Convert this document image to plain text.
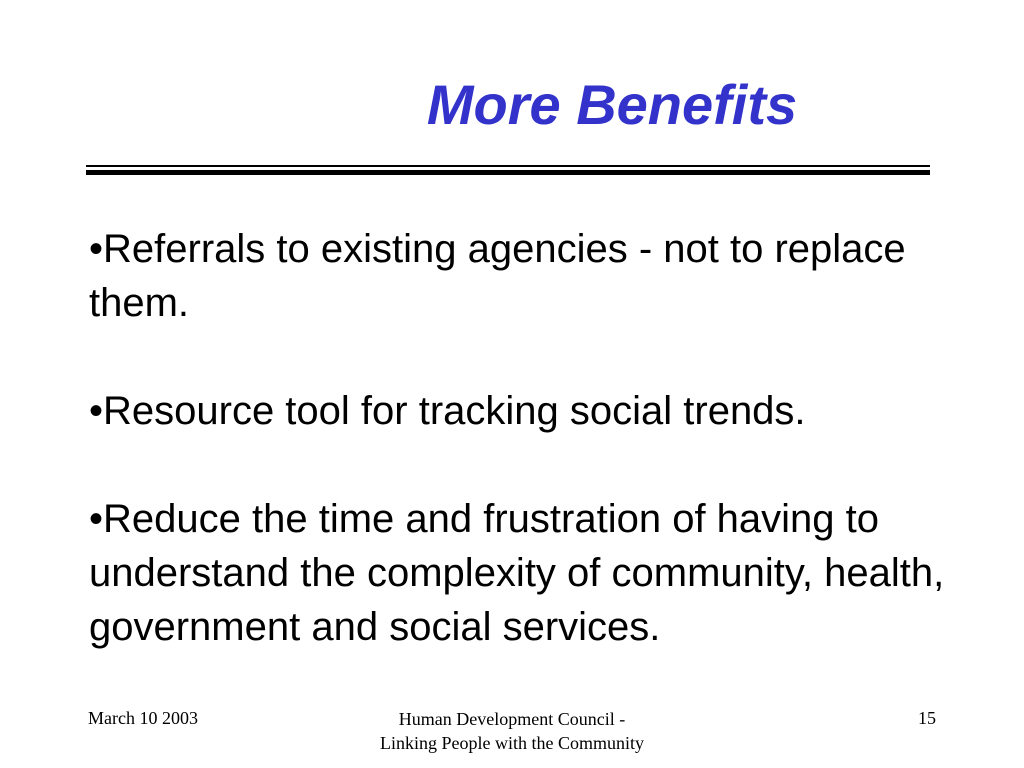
More Benefits

•Referrals to existing agencies - not to replace them.

•Resource tool for tracking social trends.

•Reduce the time and frustration of having to understand the complexity of community, health, government and social services.

March 10 2003	Human Development Council -
Linking People with the Community
15
